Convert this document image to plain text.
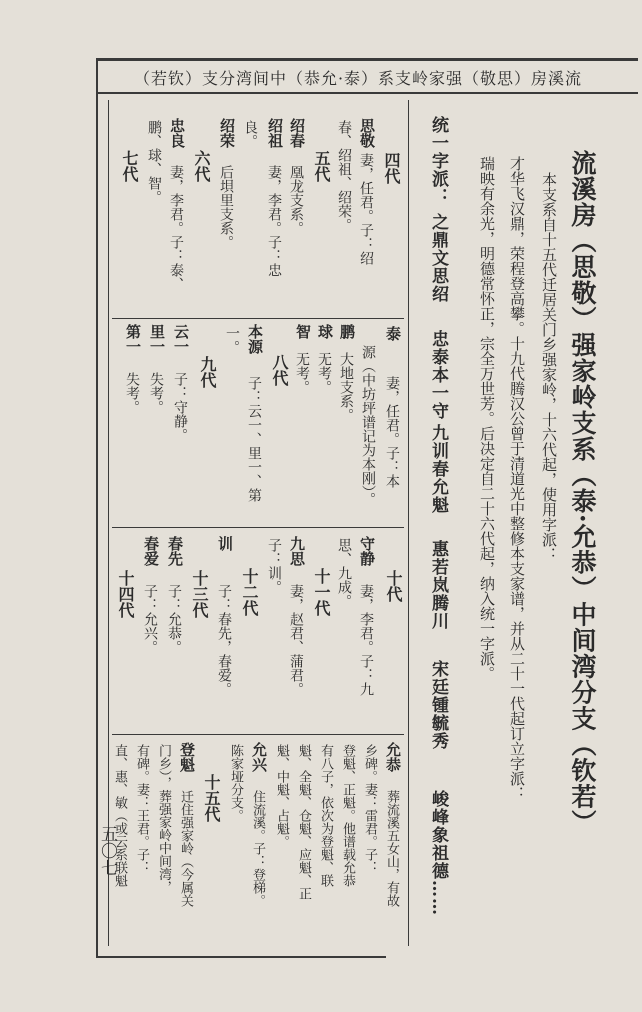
（若钦）支分湾间中（恭允·泰）系支岭家强（敬思）房溪流
五〇七
流溪房（思敬）强家岭支系（泰·允恭）中间湾分支（钦若）
本支系自十五代迁居关门乡强家岭，十六代起，使用字派：
才华飞汉鼎，荣程登高攀。十九代腾汉公曾于清道光中整修本支家谱，并从二十一代起订立字派：
瑞映有余光，明德常怀正，宗全万世芳。后决定自二十六代起，纳入统一字派。
统一字派：
之鼎文思绍
忠泰本一守
九训春允魁
惠若岚腾川
宋廷锺毓秀
峻峰象祖德……
四代
思敬
妻，任君。子：绍
春、绍祖、绍荣。
五代
绍春
凰龙支系。
绍祖
妻，李君。子：忠
良。
绍荣
后垻里支系。
六代
忠良
妻，李君。子：泰、
鹏、球、智。
七代
泰
妻，任君。子：本
源（中坊坪谱记为本刚）。
鹏
大地支系。
球
无考。
智
无考。
八代
本源
子：云一、里一、第
一。
九代
云一
子：守静。
里一
失考。
第一
失考。
十代
守静
妻，李君。子：九
思、九成。
十一代
九思
妻，赵君、蒲君。
子：训。
十二代
训
子：春先，春爱。
十三代
春先
子：允恭。
春爱
子：允兴。
十四代
允恭
葬流溪五女山，有故
乡碑。妻：雷君。子：
登魁、正魁。他谱载允恭
有八子，依次为登魁、联
魁、全魁、仓魁、应魁、正
魁、中魁、占魁。
允兴
住流溪。子：登梯。
陈家垭分支。
十五代
登魁
迁住强家岭（今属关
门乡），葬强家岭中间湾，
有碑。妻：王君。子：
直、惠、敏（或云系联魁
